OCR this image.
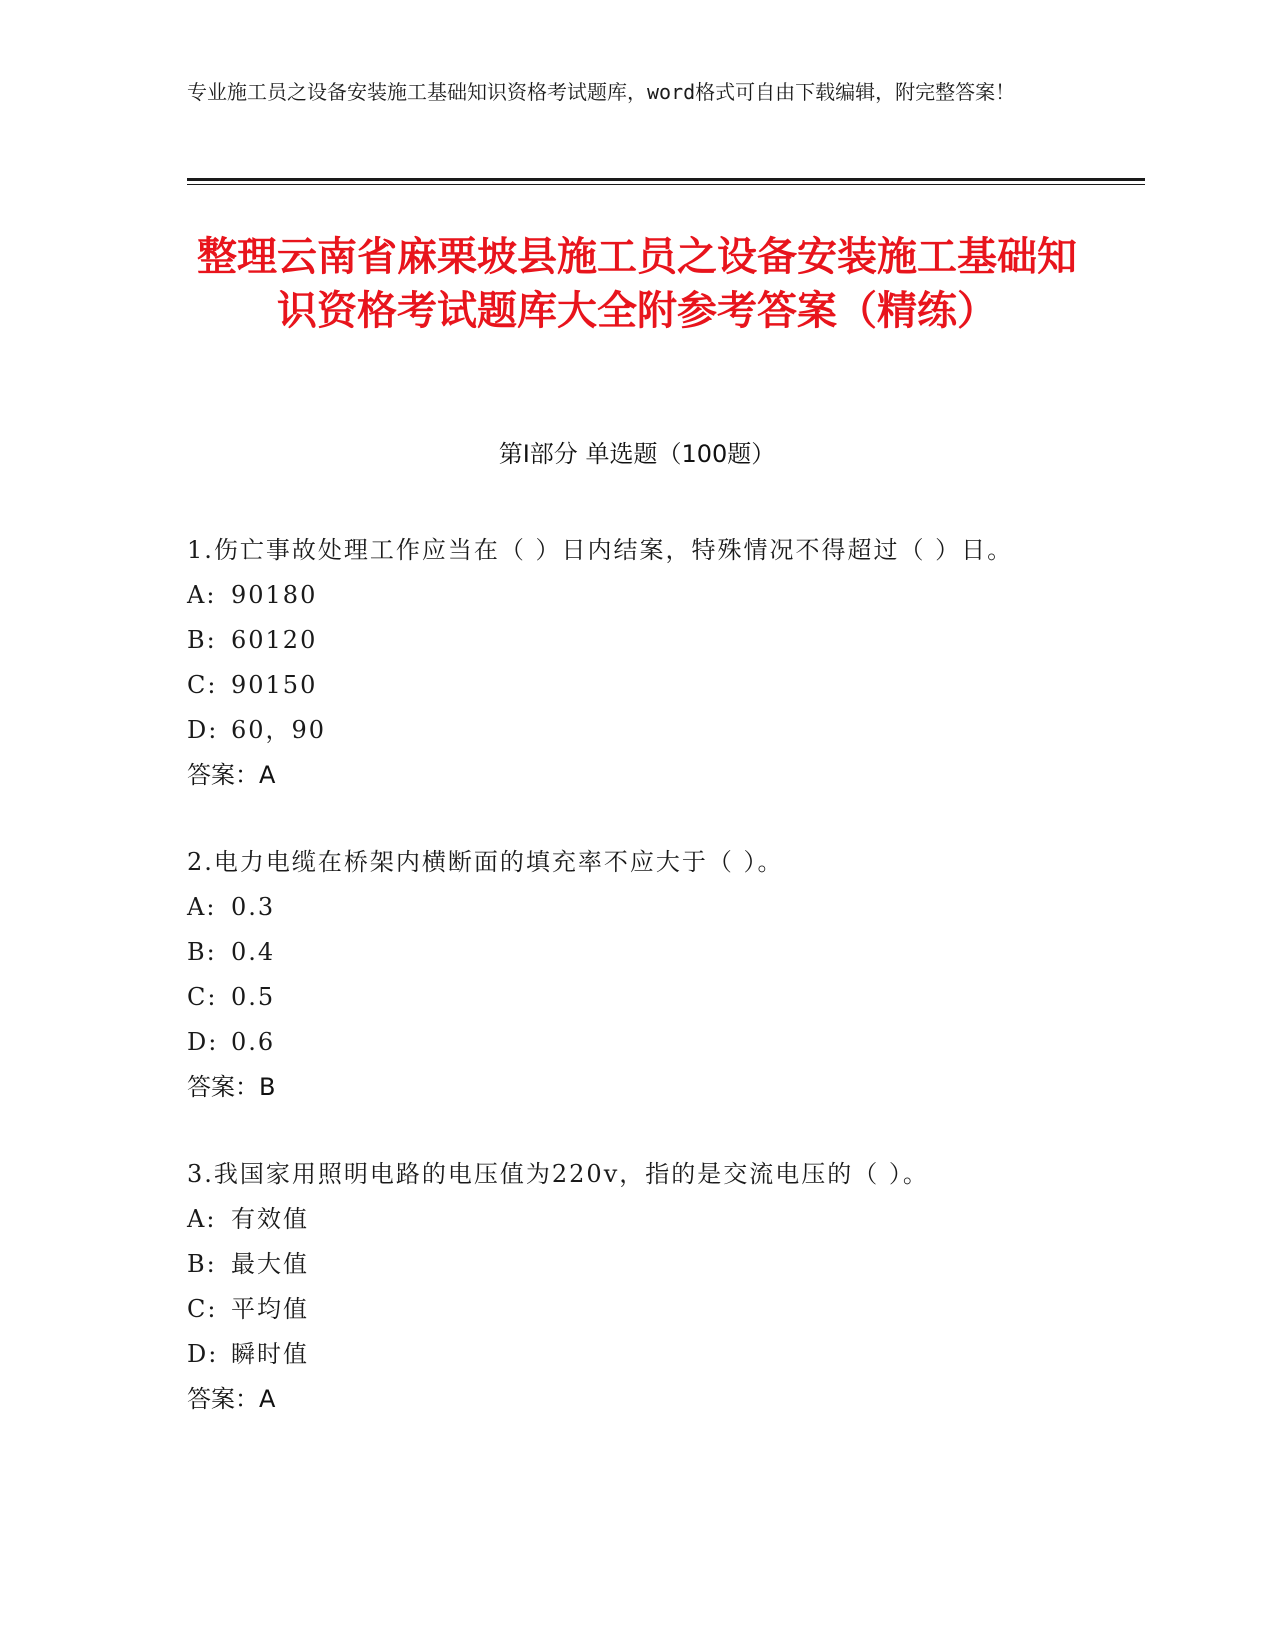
专业施工员之设备安装施工基础知识资格考试题库，word格式可自由下载编辑，附完整答案！
整理云南省麻栗坡县施工员之设备安装施工基础知识资格考试题库大全附参考答案（精练）
第I部分 单选题（100题）

1.伤亡事故处理工作应当在（ ）日内结案，特殊情况不得超过（ ）日。

A: 90180

B: 60120

C: 90150

D: 60，90

答案：A

2.电力电缆在桥架内横断面的填充率不应大于（ ）。

A: 0.3

B: 0.4

C: 0.5

D: 0.6

答案：B

3.我国家用照明电路的电压值为220v，指的是交流电压的（ ）。

A: 有效值

B: 最大值

C: 平均值

D: 瞬时值

答案：A
